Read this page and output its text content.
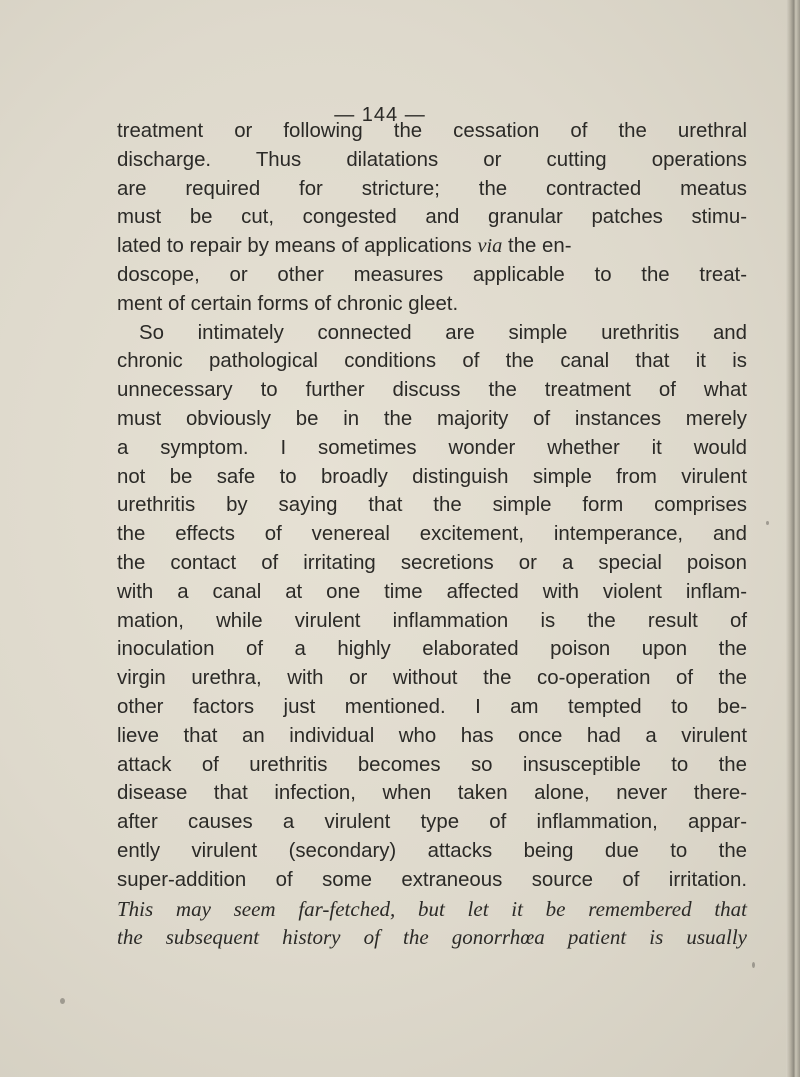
— 144 —
treatment or following the cessation of the urethral
discharge. Thus dilatations or cutting operations
are required for stricture; the contracted meatus
must be cut, congested and granular patches stimu-
lated to repair by means of applications via the en-
doscope, or other measures applicable to the treat-
ment of certain forms of chronic gleet.
So intimately connected are simple urethritis and
chronic pathological conditions of the canal that it is
unnecessary to further discuss the treatment of what
must obviously be in the majority of instances merely
a symptom. I sometimes wonder whether it would
not be safe to broadly distinguish simple from virulent
urethritis by saying that the simple form comprises
the effects of venereal excitement, intemperance, and
the contact of irritating secretions or a special poison
with a canal at one time affected with violent inflam-
mation, while virulent inflammation is the result of
inoculation of a highly elaborated poison upon the
virgin urethra, with or without the co-operation of the
other factors just mentioned. I am tempted to be-
lieve that an individual who has once had a virulent
attack of urethritis becomes so insusceptible to the
disease that infection, when taken alone, never there-
after causes a virulent type of inflammation, appar-
ently virulent (secondary) attacks being due to the
super-addition of some extraneous source of irritation.
This may seem far-fetched, but let it be remembered that
the subsequent history of the gonorrhœa patient is usually
